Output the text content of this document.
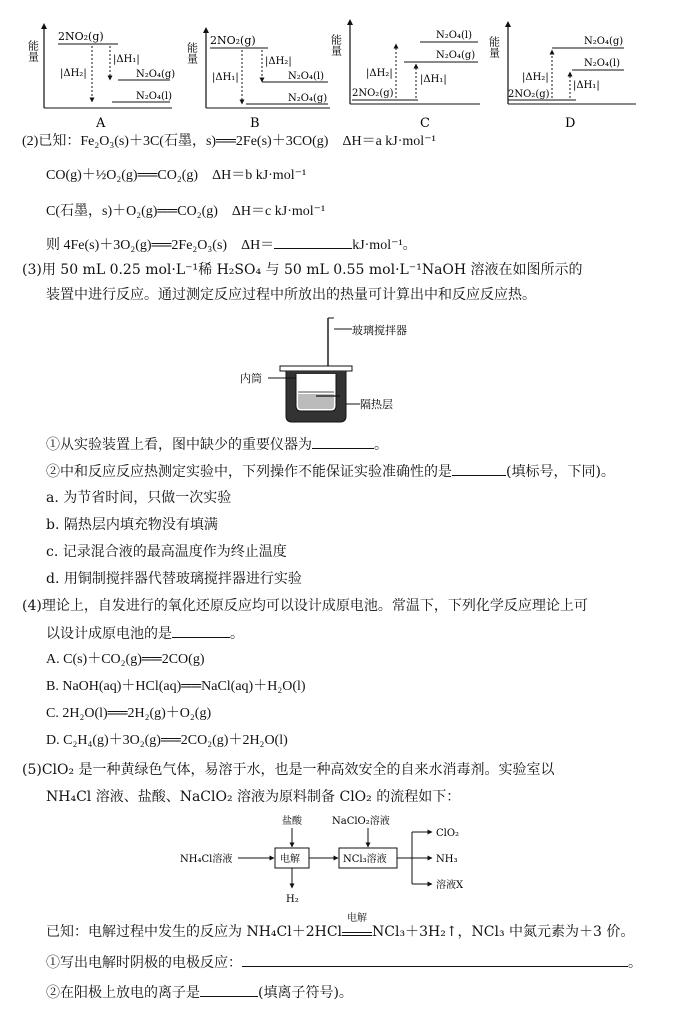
能量
2NO₂(g)
N₂O₄(g)
N₂O₄(l)
|ΔH₂|
|ΔH₁|
A
能量
2NO₂(g)
N₂O₄(l)
N₂O₄(g)
|ΔH₁|
|ΔH₂|
B
能量	N₂O₄(l)
N₂O₄(g)
2NO₂(g)
|ΔH₂|
|ΔH₁|
C
能量	N₂O₄(g)
N₂O₄(l)
2NO₂(g)
|ΔH₂|
|ΔH₁|
D
(2)已知：Fe₂O₃(s)＋3C(石墨，s)══2Fe(s)＋3CO(g)　ΔH＝a kJ·mol⁻¹
CO(g)＋½O₂(g)══CO₂(g)　ΔH＝b kJ·mol⁻¹
C(石墨，s)＋O₂(g)══CO₂(g)　ΔH＝c kJ·mol⁻¹
则 4Fe(s)＋3O₂(g)══2Fe₂O₃(s)　ΔH＝	kJ·mol⁻¹。
(3)用 50 mL 0.25 mol·L⁻¹稀 H₂SO₄ 与 50 mL 0.55 mol·L⁻¹NaOH 溶液在如图所示的
装置中进行反应。通过测定反应过程中所放出的热量可计算出中和反应反应热。
玻璃搅拌器
内筒
隔热层
①从实验装置上看，图中缺少的重要仪器为	。
②中和反应反应热测定实验中，下列操作不能保证实验准确性的是	(填标号，下同)。
a. 为节省时间，只做一次实验
b. 隔热层内填充物没有填满
c. 记录混合液的最高温度作为终止温度
d. 用铜制搅拌器代替玻璃搅拌器进行实验
(4)理论上，自发进行的氧化还原反应均可以设计成原电池。常温下，下列化学反应理论上可
以设计成原电池的是	。
A. C(s)＋CO₂(g)══2CO(g)
B. NaOH(aq)＋HCl(aq)══NaCl(aq)＋H₂O(l)
C. 2H₂O(l)══2H₂(g)＋O₂(g)
D. C₂H₄(g)＋3O₂(g)══2CO₂(g)＋2H₂O(l)
(5)ClO₂ 是一种黄绿色气体，易溶于水，也是一种高效安全的自来水消毒剂。实验室以
NH₄Cl 溶液、盐酸、NaClO₂ 溶液为原料制备 ClO₂ 的流程如下：
NH₄Cl溶液	电解
盐酸
H₂
NCl₃溶液
NaClO₂溶液
ClO₂
NH₃
溶液X
已知：电解过程中发生的反应为 NH₄Cl＋2HCl
电解
NCl₃＋3H₂↑，NCl₃ 中氮元素为＋3 价。
①写出电解时阴极的电极反应：	。
②在阳极上放电的离子是	(填离子符号)。
